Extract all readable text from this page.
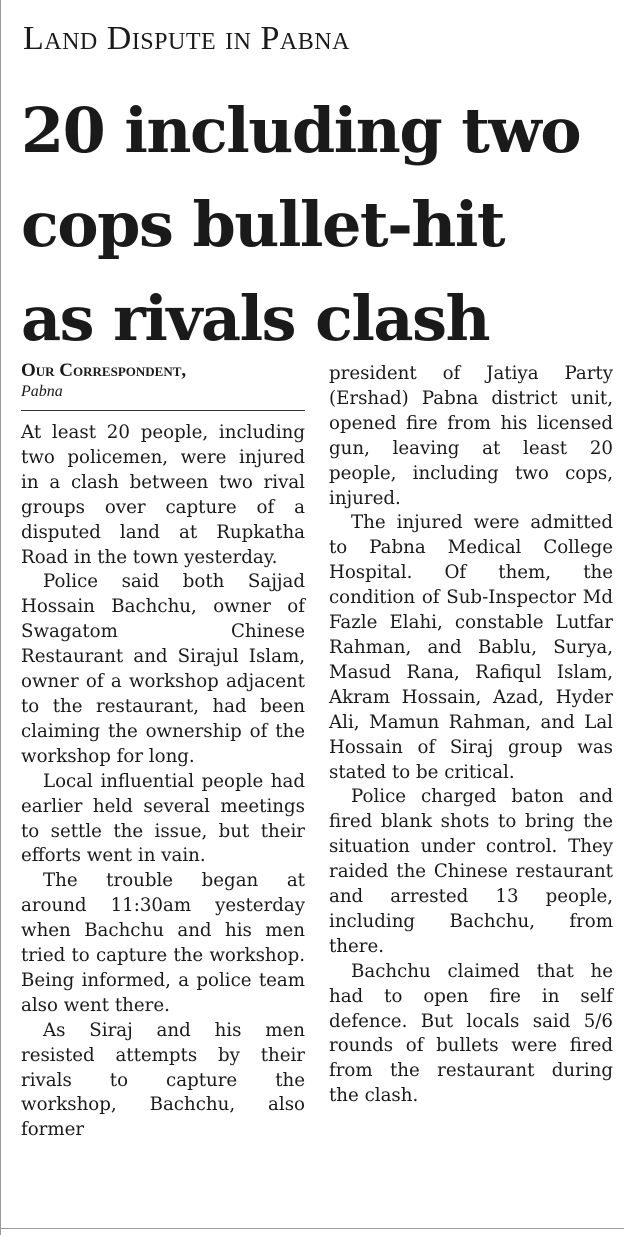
Land Dispute in Pabna
20 including two
cops bullet-hit
as rivals clash

Our Correspondent,

Pabna

At least 20 people, including two policemen, were injured in a clash between two rival groups over capture of a disputed land at Rupkatha Road in the town yesterday.

Police said both Sajjad Hossain Bachchu, owner of Swagatom Chinese Restaurant and Sirajul Islam, owner of a workshop adjacent to the restaurant, had been claiming the ownership of the workshop for long.

Local influential people had earlier held several meetings to settle the issue, but their efforts went in vain.

The trouble began at around 11:30am yesterday when Bachchu and his men tried to capture the workshop. Being informed, a police team also went there.

As Siraj and his men resisted attempts by their rivals to capture the workshop, Bachchu, also former

president of Jatiya Party (Ershad) Pabna district unit, opened fire from his licensed gun, leaving at least 20 people, including two cops, injured.

The injured were admitted to Pabna Medical College Hospital. Of them, the condition of Sub-Inspector Md Fazle Elahi, constable Lutfar Rahman, and Bablu, Surya, Masud Rana, Rafiqul Islam, Akram Hossain, Azad, Hyder Ali, Mamun Rahman, and Lal Hossain of Siraj group was stated to be critical.

Police charged baton and fired blank shots to bring the situation under control. They raided the Chinese restaurant and arrested 13 people, including Bachchu, from there.

Bachchu claimed that he had to open fire in self defence. But locals said 5/6 rounds of bullets were fired from the restaurant during the clash.
